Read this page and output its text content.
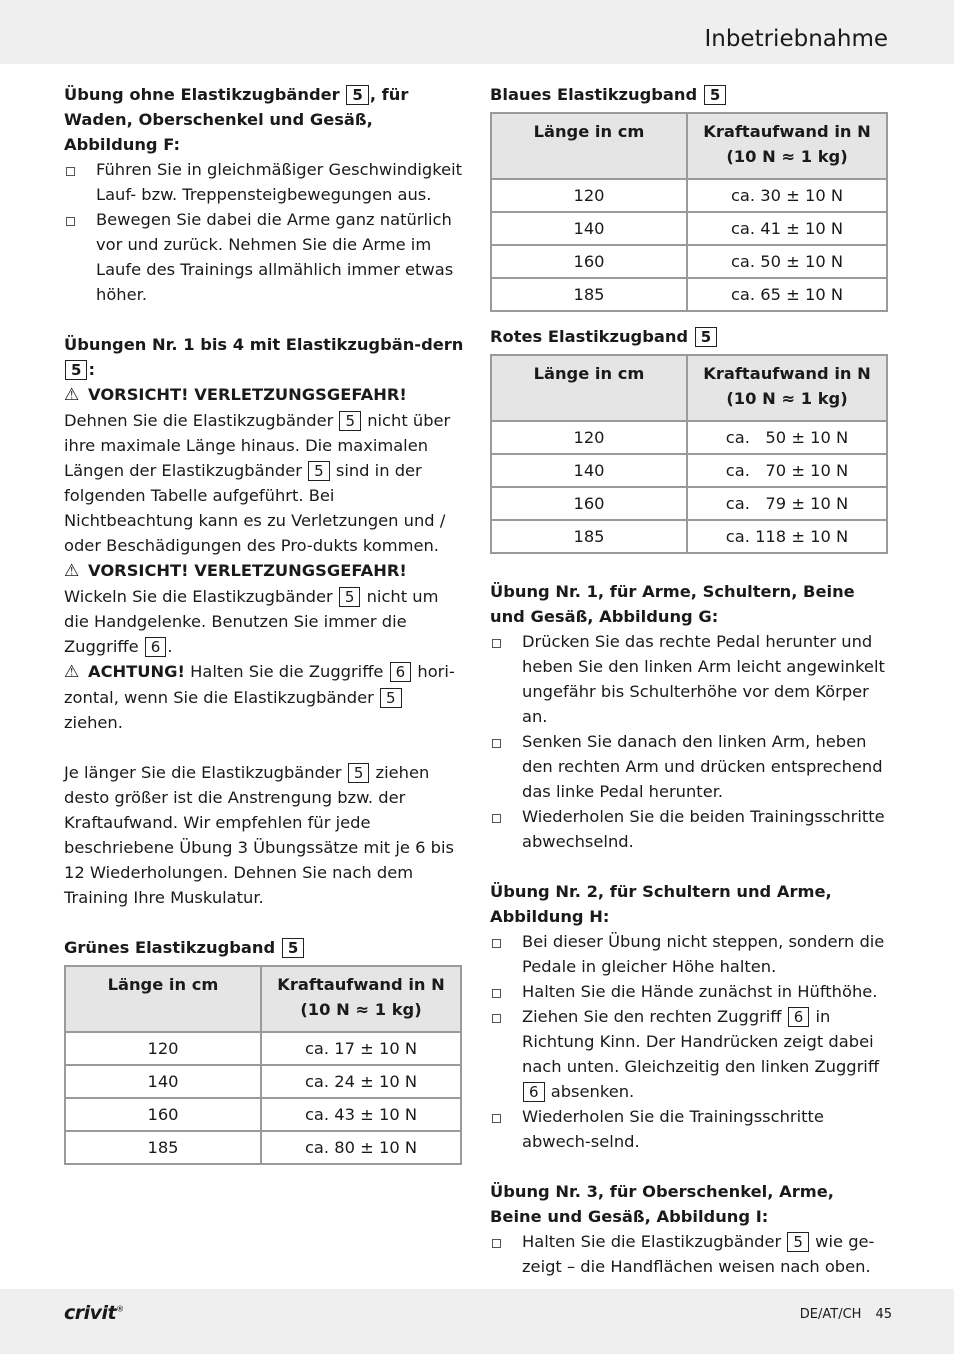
Inbetriebnahme

Übung ohne Elastikzugbänder 5 , für Waden, Oberschenkel und Gesäß, Abbildung F:

Führen Sie in gleichmäßiger Geschwindigkeit Lauf- bzw. Treppensteigbewegungen aus.
Bewegen Sie dabei die Arme ganz natürlich vor und zurück. Nehmen Sie die Arme im Laufe des Trainings allmählich immer etwas höher.

Übungen Nr. 1 bis 4 mit Elastikzugbän-dern 5 :

⚠ VORSICHT! VERLETZUNGSGEFAHR!

Dehnen Sie die Elastikzugbänder 5 nicht über ihre maximale Länge hinaus. Die maximalen Längen der Elastikzugbänder 5 sind in der folgenden Tabelle aufgeführt. Bei Nichtbeachtung kann es zu Verletzungen und / oder Beschädigungen des Pro-dukts kommen.

⚠ VORSICHT! VERLETZUNGSGEFAHR!

Wickeln Sie die Elastikzugbänder 5 nicht um die Handgelenke. Benutzen Sie immer die Zuggriffe 6 .

⚠ ACHTUNG! Halten Sie die Zuggriffe 6 hori-zontal, wenn Sie die Elastikzugbänder 5 ziehen.

Je länger Sie die Elastikzugbänder 5 ziehen desto größer ist die Anstrengung bzw. der Kraftaufwand. Wir empfehlen für jede beschriebene Übung 3 Übungssätze mit je 6 bis 12 Wiederholungen. Dehnen Sie nach dem Training Ihre Muskulatur.

Grünes Elastikzugband 5

Länge in cm	Kraftaufwand in N (10 N ≈ 1 kg)
120	ca. 17 ± 10 N
140	ca. 24 ± 10 N
160	ca. 43 ± 10 N
185	ca. 80 ± 10 N

Blaues Elastikzugband 5

Länge in cm	Kraftaufwand in N (10 N ≈ 1 kg)
120	ca. 30 ± 10 N
140	ca. 41 ± 10 N
160	ca. 50 ± 10 N
185	ca. 65 ± 10 N

Rotes Elastikzugband 5

Länge in cm	Kraftaufwand in N (10 N ≈ 1 kg)
120	ca.   50 ± 10 N
140	ca.   70 ± 10 N
160	ca.   79 ± 10 N
185	ca. 118 ± 10 N

Übung Nr. 1, für Arme, Schultern, Beine und Gesäß, Abbildung G:

Drücken Sie das rechte Pedal herunter und heben Sie den linken Arm leicht angewinkelt ungefähr bis Schulterhöhe vor dem Körper an.
Senken Sie danach den linken Arm, heben den rechten Arm und drücken entsprechend das linke Pedal herunter.
Wiederholen Sie die beiden Trainingsschritte abwechselnd.

Übung Nr. 2, für Schultern und Arme, Abbildung H:

Bei dieser Übung nicht steppen, sondern die Pedale in gleicher Höhe halten.
Halten Sie die Hände zunächst in Hüfthöhe.
Ziehen Sie den rechten Zuggriff 6 in Richtung Kinn. Der Handrücken zeigt dabei nach unten. Gleichzeitig den linken Zuggriff 6 absenken.
Wiederholen Sie die Trainingsschritte abwech-selnd.

Übung Nr. 3, für Oberschenkel, Arme, Beine und Gesäß, Abbildung I:

Halten Sie die Elastikzugbänder 5 wie ge-zeigt – die Handflächen weisen nach oben.
crivit®	DE/AT/CH 45
